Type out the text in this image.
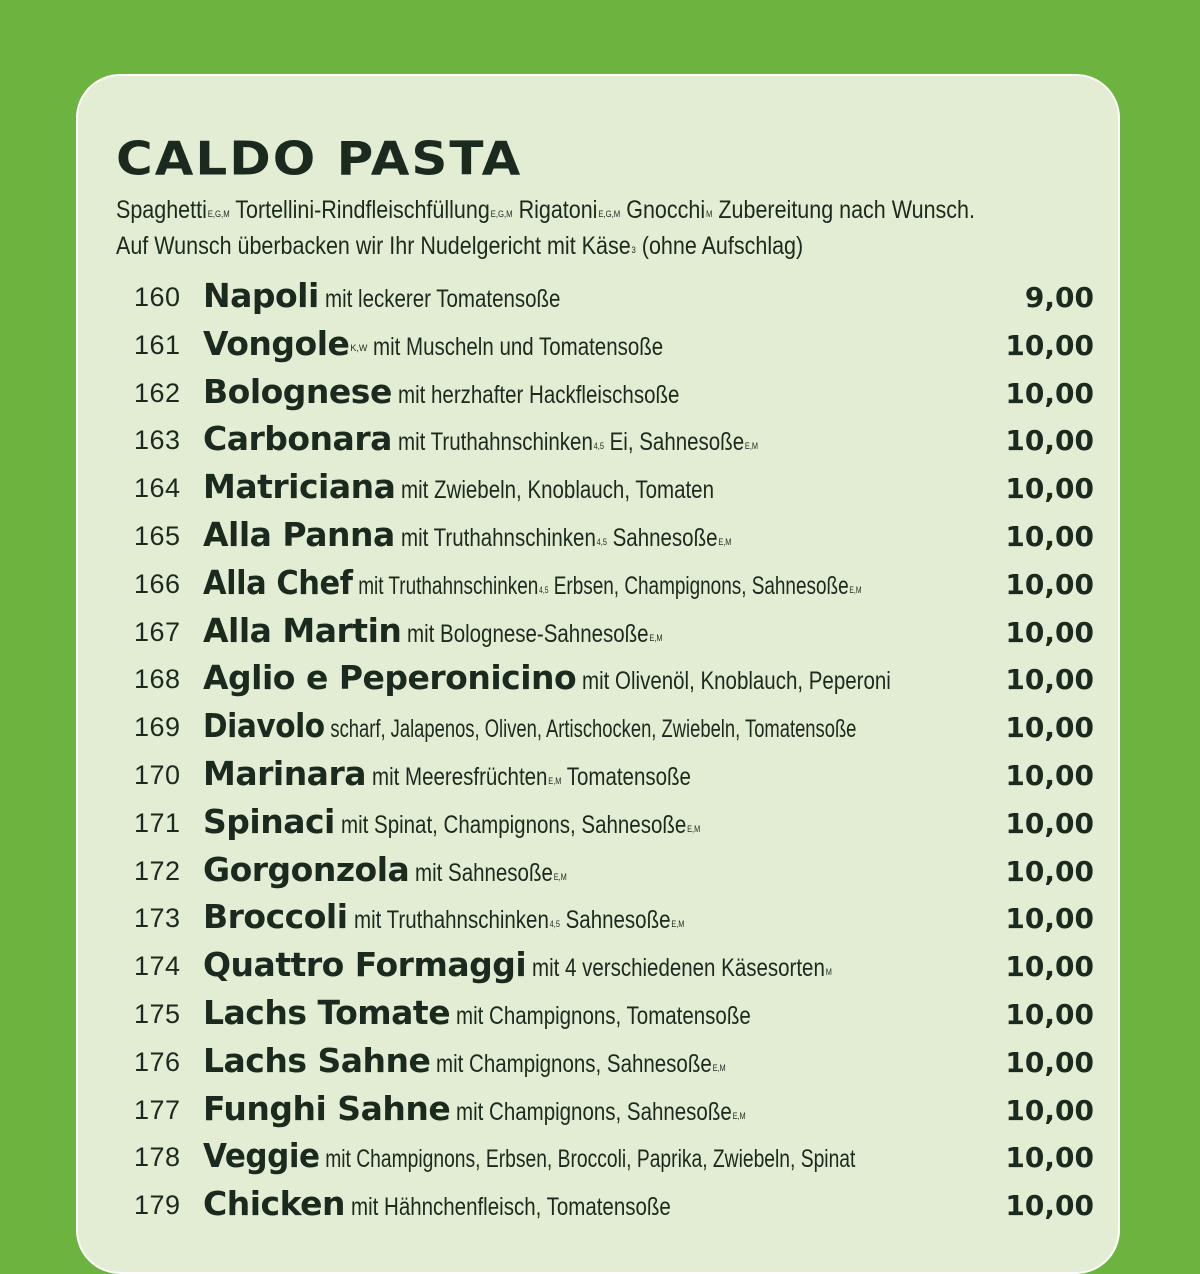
CALDO PASTA
Spaghetti$^{E,G,M}$ Tortellini-Rindfleischfüllung$^{E,G,M}$ Rigatoni$^{E,G,M}$ Gnocchi$^M$ Zubereitung nach Wunsch.
Auf Wunsch überbacken wir Ihr Nudelgericht mit Käse$^3$ (ohne Aufschlag)
160 Napoli mit leckerer Tomatensoße	9,00
161 Vongole$^{K,W}$ mit Muscheln und Tomatensoße	10,00
162 Bolognese mit herzhafter Hackfleischsoße	10,00
163 Carbonara mit Truthahnschinken$^{4,5}$ Ei, Sahnesoße$^{E,M}$	10,00
164 Matriciana mit Zwiebeln, Knoblauch, Tomaten	10,00
165 Alla Panna mit Truthahnschinken$^{4,5}$ Sahnesoße$^{E,M}$	10,00
166 Alla Chef mit Truthahnschinken$^{4,5}$ Erbsen, Champignons, Sahnesoße$^{E,M}$	10,00
167 Alla Martin mit Bolognese-Sahnesoße$^{E,M}$	10,00
168 Aglio e Peperonicino mit Olivenöl, Knoblauch, Peperoni	10,00
169 Diavolo scharf, Jalapenos, Oliven, Artischocken, Zwiebeln, Tomatensoße	10,00
170 Marinara mit Meeresfrüchten$^{E,M}$ Tomatensoße	10,00
171 Spinaci mit Spinat, Champignons, Sahnesoße$^{E,M}$	10,00
172 Gorgonzola mit Sahnesoße$^{E,M}$	10,00
173 Broccoli mit Truthahnschinken$^{4,5}$ Sahnesoße$^{E,M}$	10,00
174 Quattro Formaggi mit 4 verschiedenen Käsesorten$^M$	10,00
175 Lachs Tomate mit Champignons, Tomatensoße	10,00
176 Lachs Sahne mit Champignons, Sahnesoße$^{E,M}$	10,00
177 Funghi Sahne mit Champignons, Sahnesoße$^{E,M}$	10,00
178 Veggie mit Champignons, Erbsen, Broccoli, Paprika, Zwiebeln, Spinat	10,00
179 Chicken mit Hähnchenfleisch, Tomatensoße	10,00
